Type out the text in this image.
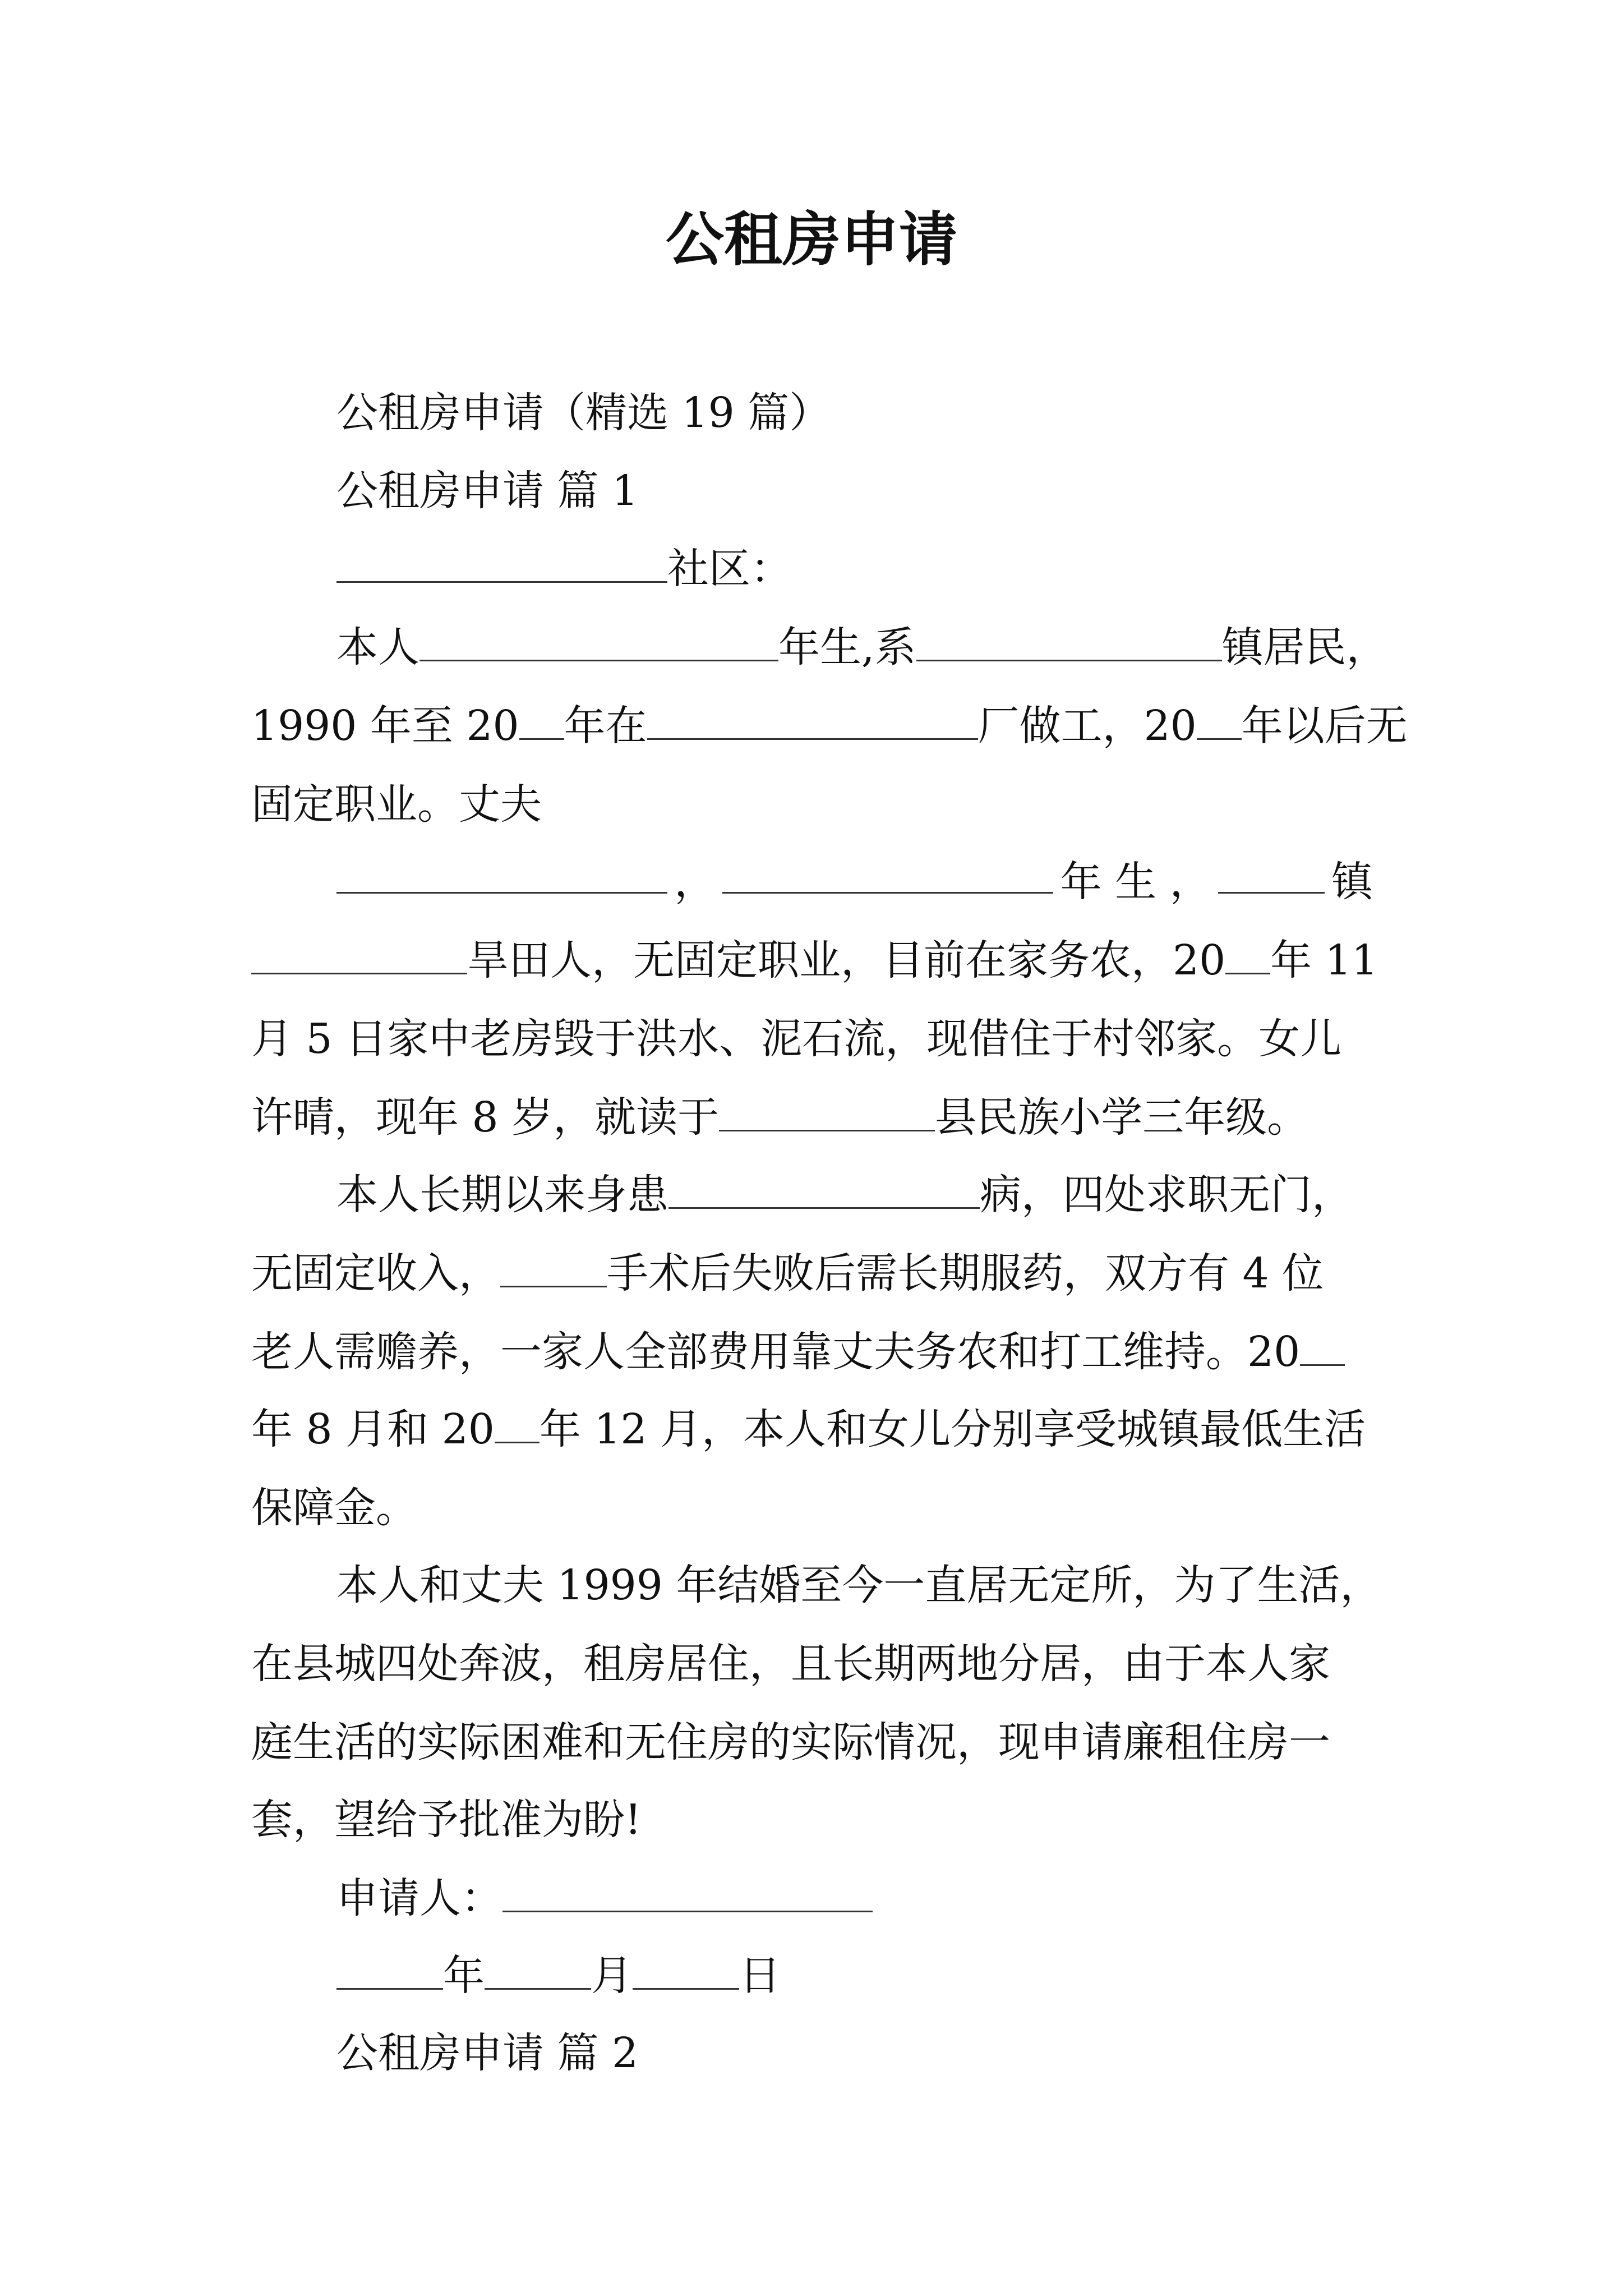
公租房申请
公租房申请（精选 19 篇）
公租房申请 篇 1
社区：
本人	年生,系	镇居民，
1990 年至 20 年在	厂做工，20 年以后无
固定职业。丈夫
，	年 生 ，	镇
旱田人，无固定职业，目前在家务农，20 年 11
月 5 日家中老房毁于洪水、泥石流，现借住于村邻家。女儿
许晴，现年 8 岁，就读于	县民族小学三年级。
本人长期以来身患	病，四处求职无门，
无固定收入，	手术后失败后需长期服药，双方有 4 位
老人需赡养，一家人全部费用靠丈夫务农和打工维持。20
年 8 月和 20 年 12 月，本人和女儿分别享受城镇最低生活
保障金。
本人和丈夫 1999 年结婚至今一直居无定所，为了生活，
在县城四处奔波，租房居住，且长期两地分居，由于本人家
庭生活的实际困难和无住房的实际情况，现申请廉租住房一
套，望给予批准为盼!
申请人：
年	月	日
公租房申请 篇 2
